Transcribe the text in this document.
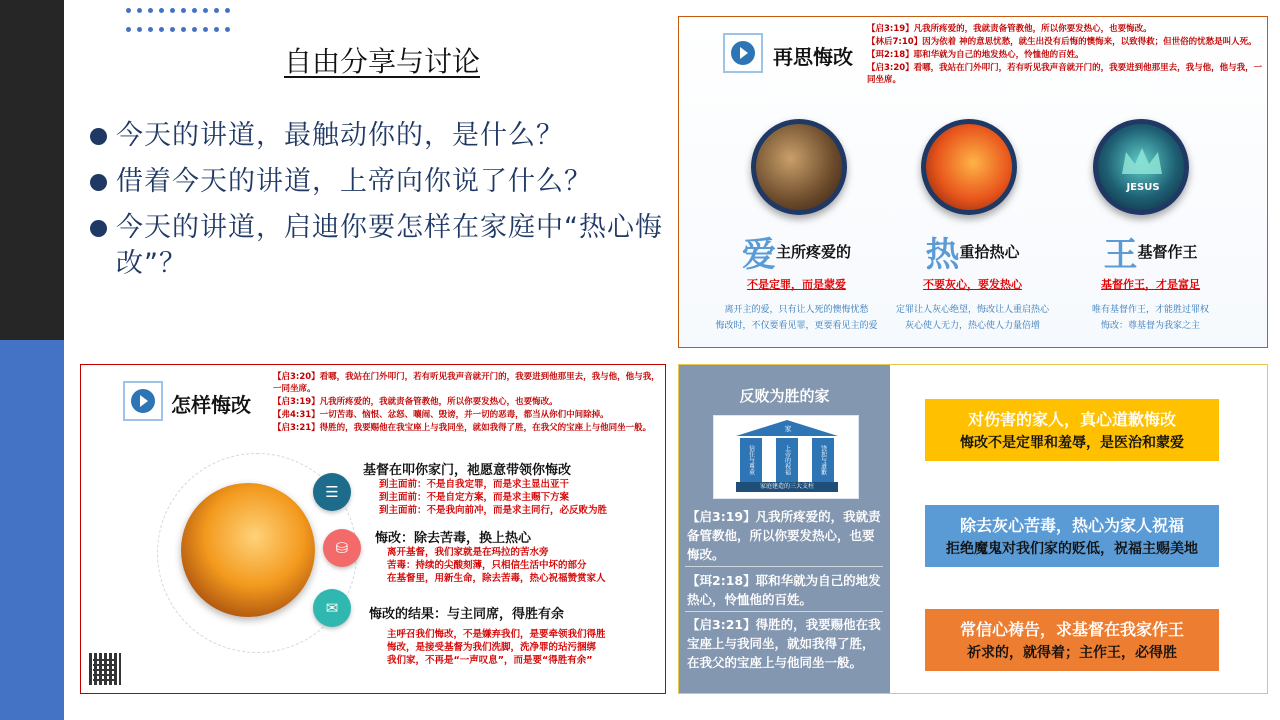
自由分享与讨论
今天的讲道，最触动你的，是什么？
借着今天的讲道，上帝向你说了什么？
今天的讲道，启迪你要怎样在家庭中“热心悔改”？
再思悔改

【启3:19】凡我所疼爱的，我就责备管教他，所以你要发热心，也要悔改。

【林后7:10】因为依着 神的意思忧愁，就生出没有后悔的懊悔来，以致得救；但世俗的忧愁是叫人死。

【珥2:18】耶和华就为自己的地发热心，怜恤他的百姓。

【启3:20】看哪，我站在门外叩门，若有听见我声音就开门的，我要进到他那里去，我与他，他与我，一同坐席。

JESUS
爱主所疼爱的
不是定罪，而是蒙爱
离开主的爱，只有让人死的懊悔忧愁
悔改时，不仅要看见罪，更要看见主的爱
热重拾热心
不要灰心，要发热心
定罪让人灰心绝望，悔改让人重启热心
灰心使人无力，热心使人力量倍增
王基督作王
基督作王，才是富足
唯有基督作王，才能胜过罪权
悔改：尊基督为我家之主
怎样悔改

【启3:20】看哪，我站在门外叩门，若有听见我声音就开门的，我要进到他那里去，我与他，他与我，一同坐席。

【启3:19】凡我所疼爱的，我就责备管教他，所以你要发热心，也要悔改。

【弗4:31】一切苦毒、恼恨、忿怒、嚷闹、毁谤，并一切的恶毒，都当从你们中间除掉。

【启3:21】得胜的，我要赐他在我宝座上与我同坐，就如我得了胜，在我父的宝座上与他同坐一般。

☰
⛁
✉
基督在叩你家门，祂愿意带领你悔改
到主面前：不是自我定罪，而是求主显出亚干
到主面前：不是自定方案，而是求主赐下方案
到主面前：不是我向前冲，而是求主同行，必反败为胜
悔改：除去苦毒，换上热心
离开基督，我们家就是在玛拉的苦水旁
苦毒：持续的尖酸刻薄，只相信生活中坏的部分
在基督里，用新生命，除去苦毒，热心祝福赞赏家人
悔改的结果：与主同席，得胜有余
主呼召我们悔改，不是嫌弃我们，是要牵领我们得胜
悔改，是接受基督为我们洗脚，洗净罪的玷污捆绑
我们家，不再是“一声叹息”，而是要“得胜有余”
反败为胜的家
家
信任与尊重	上帝的祝福	饶恕与道歉
家庭建造的三大支柱
【启3:19】凡我所疼爱的，我就责备管教他，所以你要发热心，也要悔改。
【珥2:18】耶和华就为自己的地发热心，怜恤他的百姓。
【启3:21】得胜的，我要赐他在我宝座上与我同坐，就如我得了胜，在我父的宝座上与他同坐一般。
对伤害的家人，真心道歉悔改
悔改不是定罪和羞辱，是医治和蒙爱
除去灰心苦毒，热心为家人祝福
拒绝魔鬼对我们家的贬低，祝福主赐美地
常信心祷告，求基督在我家作王
祈求的，就得着；主作王，必得胜
